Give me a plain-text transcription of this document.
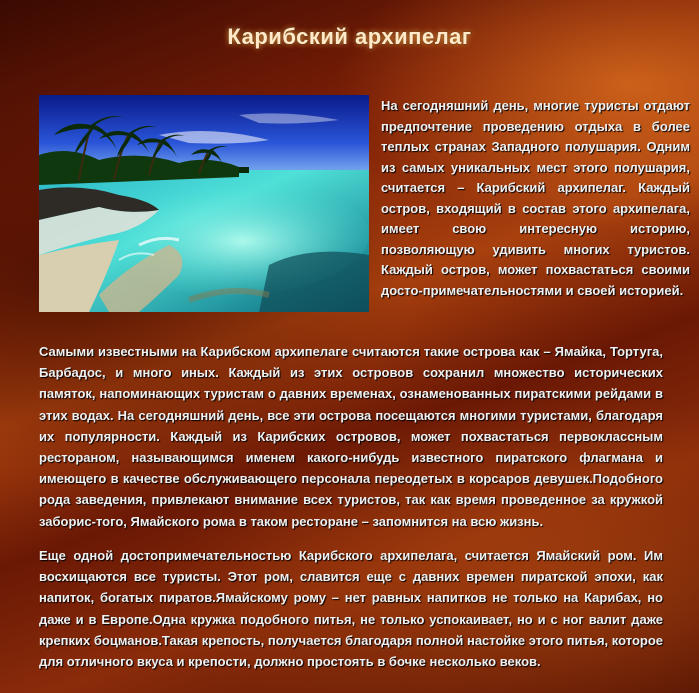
Карибский архипелаг

На сегодняшний день, многие туристы отдают предпочтение проведению отдыха в более теплых странах Западного полушария. Одним из самых уникальных мест этого полушария, считается – Карибский архипелаг. Каждый остров, входящий в состав этого архипелага, имеет свою интересную историю, позволяющую удивить многих туристов. Каждый остров, может похвастаться своими досто-примечательностями и своей историей.

Самыми известными на Карибском архипелаге считаются такие острова как – Ямайка, Тортуга, Барбадос, и много иных. Каждый из этих островов сохранил множество исторических памяток, напоминающих туристам о давних временах, ознаменованных пиратскими рейдами в этих водах. На сегодняшний день, все эти острова посещаются многими туристами, благодаря их популярности. Каждый из Карибских островов, может похвастаться первоклассным рестораном, называющимся именем какого-нибудь известного пиратского флагмана и имеющего в качестве обслуживающего персонала переодетых в корсаров девушек.Подобного рода заведения, привлекают внимание всех туристов, так как время проведенное за кружкой заборис-того, Ямайского рома в таком ресторане – запомнится на всю жизнь.

Еще одной достопримечательностью Карибского архипелага, считается Ямайский ром. Им восхищаются все туристы. Этот ром, славится еще с давних времен пиратской эпохи, как напиток, богатых пиратов.Ямайскому рому – нет равных напитков не только на Карибах, но даже и в Европе.Одна кружка подобного питья, не только успокаивает, но и с ног валит даже крепких боцманов.Такая крепость, получается благодаря полной настойке этого питья, которое для отличного вкуса и крепости, должно простоять в бочке несколько веков.
